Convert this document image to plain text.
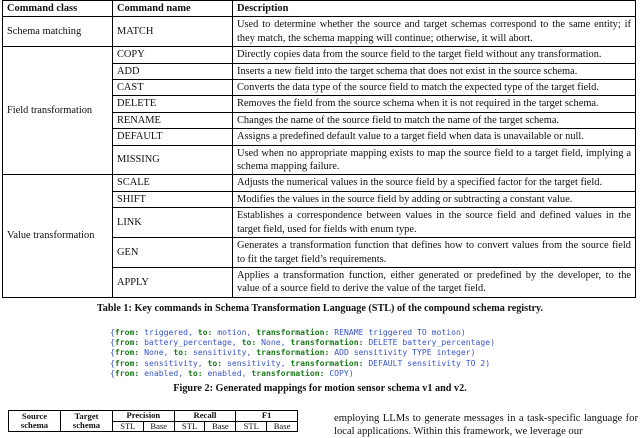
Command class	Command name	Description
Schema matching	MATCH	Used to determine whether the source and target schemas correspond to the same entity; if they match, the schema mapping will continue; otherwise, it will abort.
Field transformation	COPY	Directly copies data from the source field to the target field without any transformation.
	ADD	Inserts a new field into the target schema that does not exist in the source schema.
	CAST	Converts the data type of the source field to match the expected type of the target field.
	DELETE	Removes the field from the source schema when it is not required in the target schema.
	RENAME	Changes the name of the source field to match the name of the target schema.
	DEFAULT	Assigns a predefined default value to a target field when data is unavailable or null.
	MISSING	Used when no appropriate mapping exists to map the source field to a target field, implying a schema mapping failure.
Value transformation	SCALE	Adjusts the numerical values in the source field by a specified factor for the target field.
	SHIFT	Modifies the values in the source field by adding or subtracting a constant value.
	LINK	Establishes a correspondence between values in the source field and defined values in the target field, used for fields with enum type.
	GEN	Generates a transformation function that defines how to convert values from the source field to fit the target field’s requirements.
	APPLY	Applies a transformation function, either generated or predefined by the developer, to the value of a source field to derive the value of the target field.
Table 1: Key commands in Schema Transformation Language (STL) of the compound schema registry.
{from: triggered, to: motion, transformation: RENAME triggered TO motion)
{from: battery_percentage, to: None, transformation: DELETE battery_percentage)
{from: None, to: sensitivity, transformation: ADD sensitivity TYPE integer)
{from: sensitivity, to: sensitivity, transformation: DEFAULT sensitivity TO 2)
{from: enabled, to: enabled, transformation: COPY)
Figure 2: Generated mappings for motion sensor schema v1 and v2.
Source schema	Target schema	Precision		Recall		F1	
		STL	Base	STL	Base	STL	Base
employing LLMs to generate messages in a task-specific language for local applications. Within this framework, we leverage our
